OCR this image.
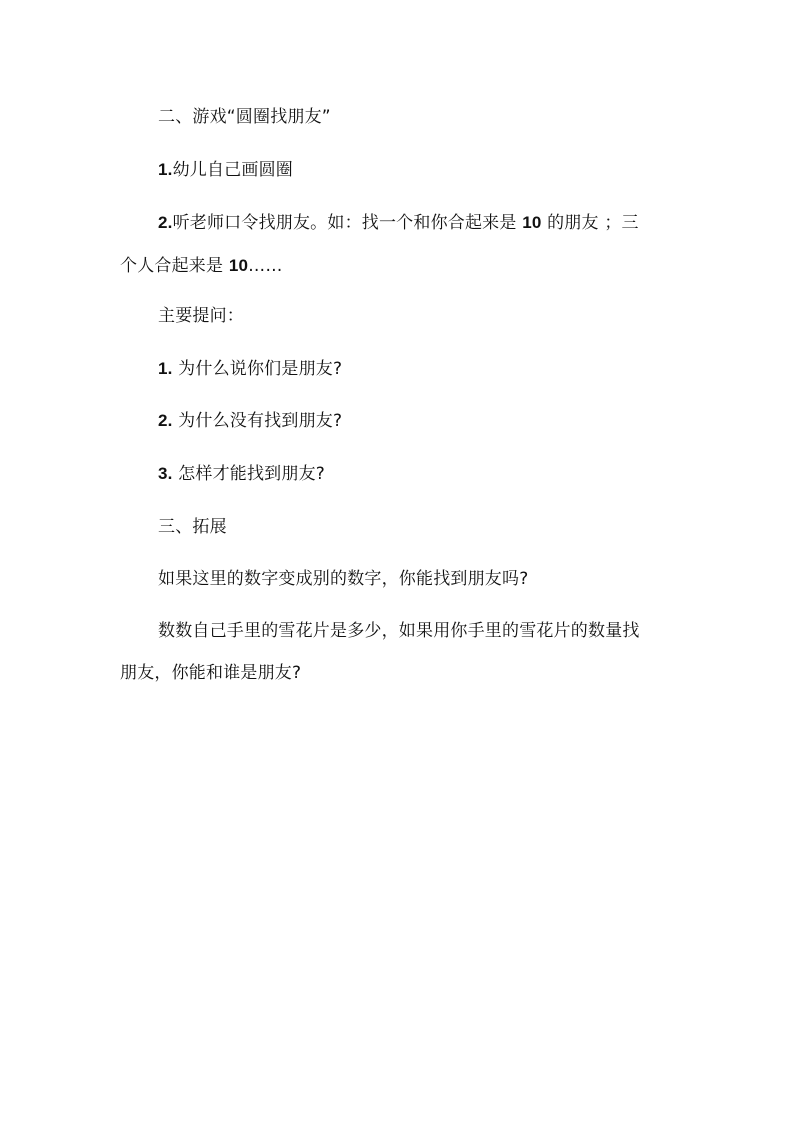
二、游戏“圆圈找朋友”
1.幼儿自己画圆圈
2.听老师口令找朋友。如：找一个和你合起来是 10 的朋友 ；三
个人合起来是 10……
主要提问：
1. 为什么说你们是朋友?
2. 为什么没有找到朋友?
3. 怎样才能找到朋友?
三、拓展
如果这里的数字变成别的数字，你能找到朋友吗?
数数自己手里的雪花片是多少，如果用你手里的雪花片的数量找
朋友，你能和谁是朋友?
